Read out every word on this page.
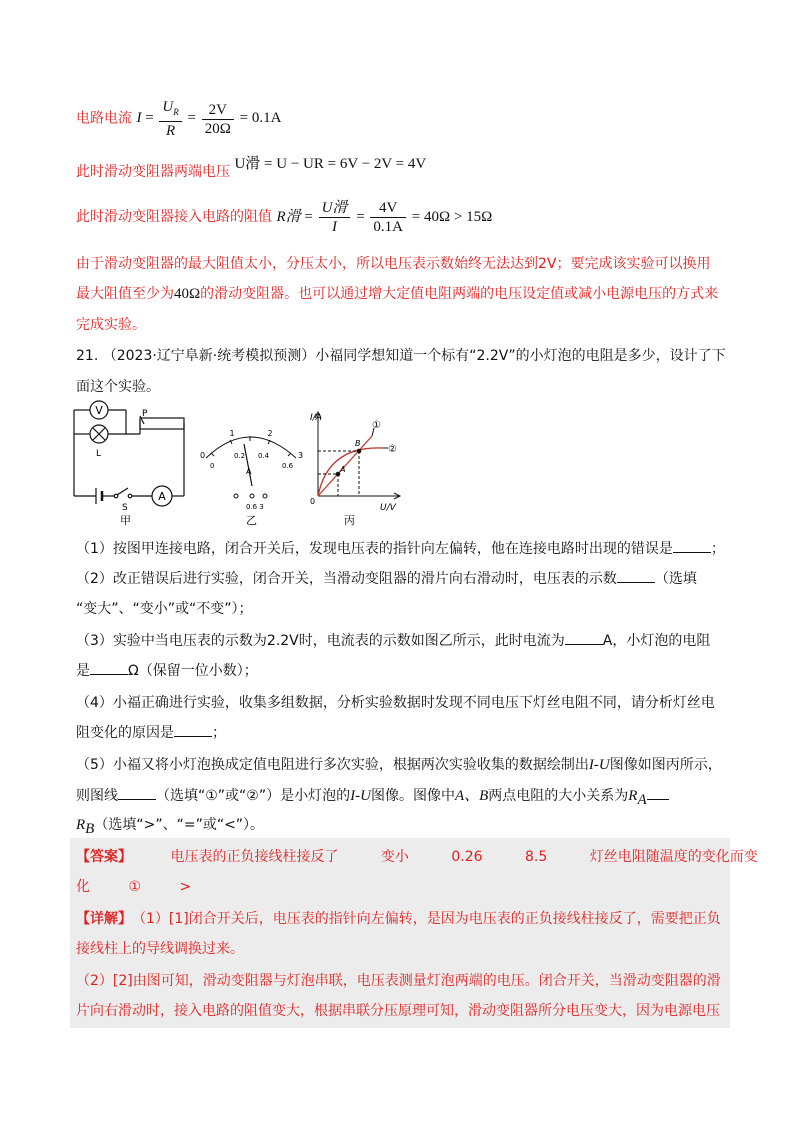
电路电流 $I = \frac{U_R}{R} = \frac{2V}{20\Omega} = 0.1A$
此时滑动变阻器两端电压 U滑 = U − UR = 6V − 2V = 4V
此时滑动变阻器接入电路的阻值 R滑 = $\frac{\text{U滑}}{I} = \frac{4V}{0.1A} = 40\Omega > 15\Omega$
由于滑动变阻器的最大阻值太小，分压太小，所以电压表示数始终无法达到2V；要完成该实验可以换用
最大阻值至少为40Ω的滑动变阻器。也可以通过增大定值电阻两端的电压设定值或减小电源电压的方式来
完成实验。
21. （2023·辽宁阜新·统考模拟预测）小福同学想知道一个标有“2.2V”的小灯泡的电阻是多少，设计了下
面这个实验。
V
A
P
L
S
甲
1	2
0	3
0
0.2 0.4
0.6
A
0.6 3
乙
I/A
U/V
0
①
②
A
B
丙
（1）按图甲连接电路，闭合开关后，发现电压表的指针向左偏转，他在连接电路时出现的错误是	；
（2）改正错误后进行实验，闭合开关，当滑动变阻器的滑片向右滑动时，电压表的示数	（选填
“变大”、“变小”或“不变”）；
（3）实验中当电压表的示数为2.2V时，电流表的示数如图乙所示，此时电流为	A，小灯泡的电阻
是	Ω（保留一位小数）；
（4）小福正确进行实验，收集多组数据，分析实验数据时发现不同电压下灯丝电阻不同，请分析灯丝电
阻变化的原因是	；
（5）小福又将小灯泡换成定值电阻进行多次实验，根据两次实验收集的数据绘制出I-U图像如图丙所示，
则图线	（选填“①”或“②”）是小灯泡的I-U图像。图像中A、B两点电阻的大小关系为$R_A$
$R_B$（选填“>”、“=”或“<”）。
【答案】	电压表的正负接线柱接反了	变小	0.26	8.5	灯丝电阻随温度的变化而变
化	①	>
【详解】（1）[1]闭合开关后，电压表的指针向左偏转，是因为电压表的正负接线柱接反了，需要把正负
接线柱上的导线调换过来。
（2）[2]由图可知，滑动变阻器与灯泡串联，电压表测量灯泡两端的电压。闭合开关，当滑动变阻器的滑
片向右滑动时，接入电路的阻值变大，根据串联分压原理可知，滑动变阻器所分电压变大，因为电源电压
